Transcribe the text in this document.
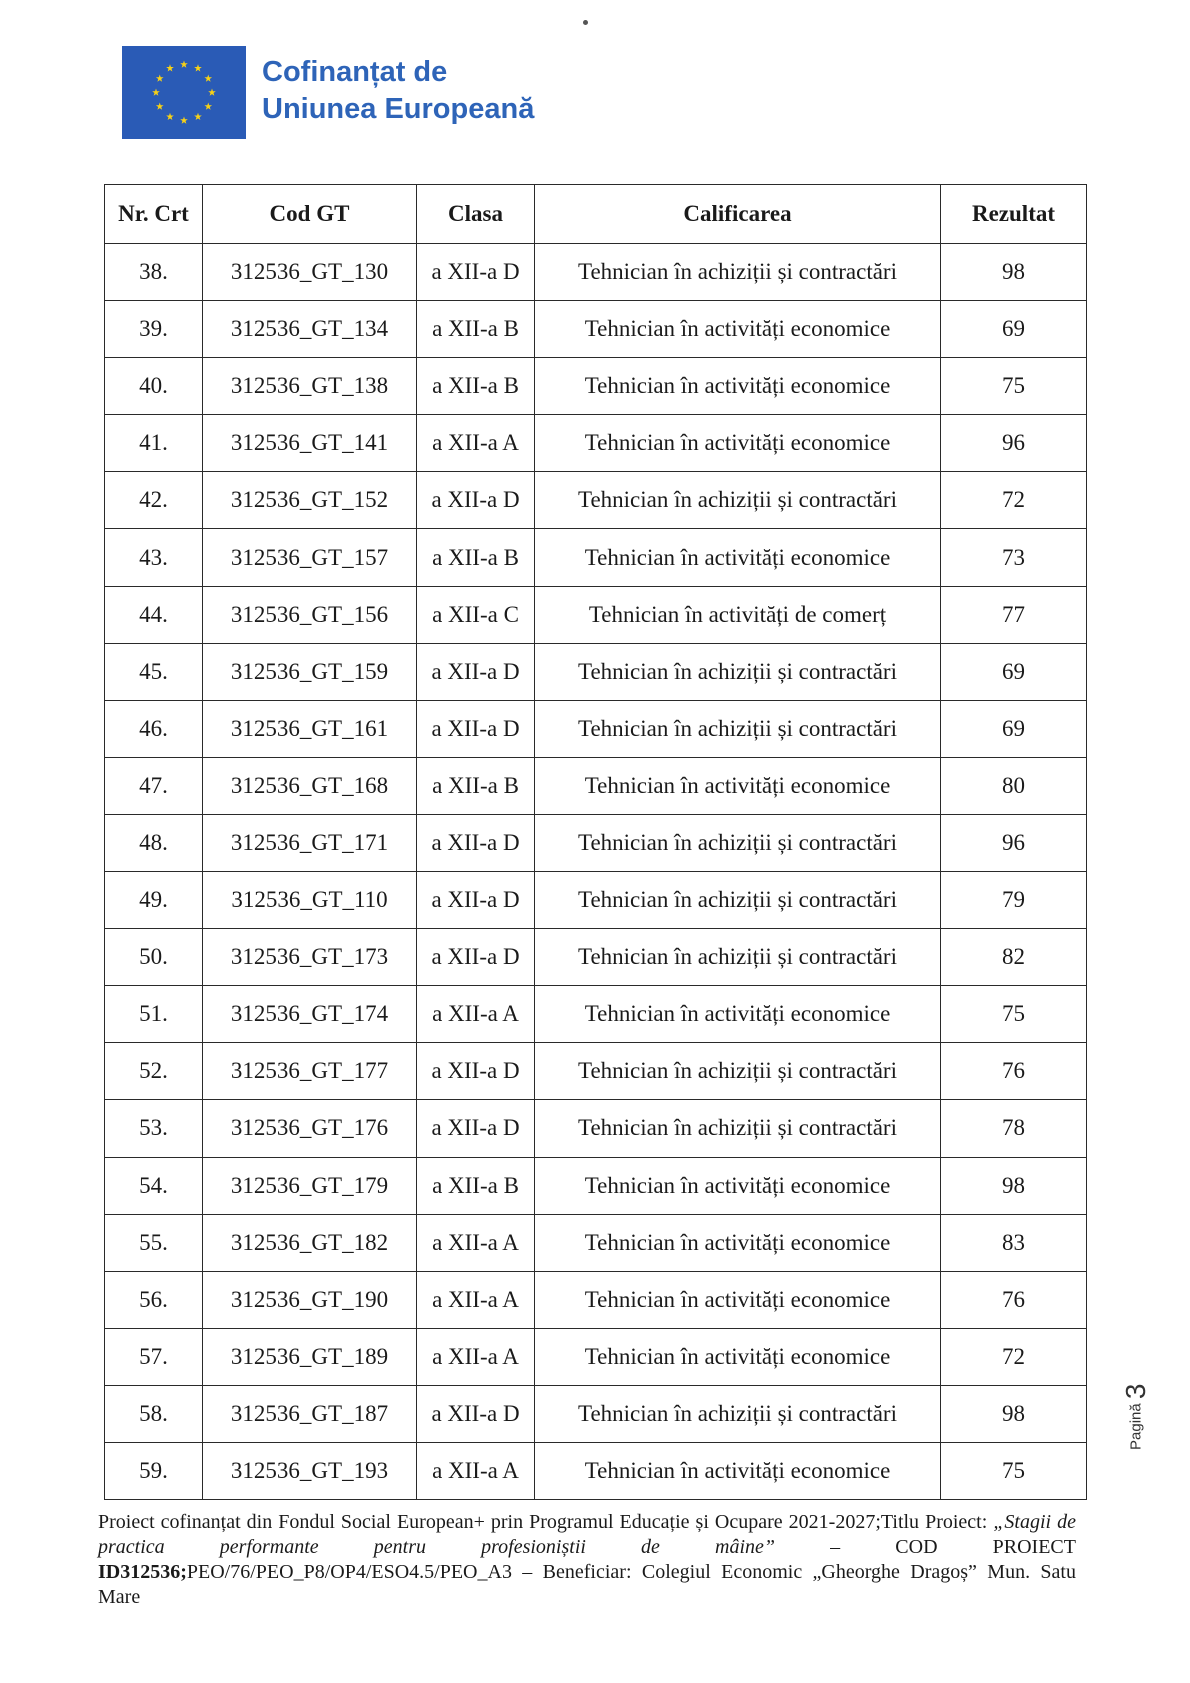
Cofinanțat de
Uniunea Europeană
Nr. Crt	Cod GT	Clasa	Calificarea	Rezultat
38.	312536_GT_130	a XII-a D	Tehnician în achiziții și contractări	98
39.	312536_GT_134	a XII-a B	Tehnician în activități economice	69
40.	312536_GT_138	a XII-a B	Tehnician în activități economice	75
41.	312536_GT_141	a XII-a A	Tehnician în activități economice	96
42.	312536_GT_152	a XII-a D	Tehnician în achiziții și contractări	72
43.	312536_GT_157	a XII-a B	Tehnician în activități economice	73
44.	312536_GT_156	a XII-a C	Tehnician în activități de comerț	77
45.	312536_GT_159	a XII-a D	Tehnician în achiziții și contractări	69
46.	312536_GT_161	a XII-a D	Tehnician în achiziții și contractări	69
47.	312536_GT_168	a XII-a B	Tehnician în activități economice	80
48.	312536_GT_171	a XII-a D	Tehnician în achiziții și contractări	96
49.	312536_GT_110	a XII-a D	Tehnician în achiziții și contractări	79
50.	312536_GT_173	a XII-a D	Tehnician în achiziții și contractări	82
51.	312536_GT_174	a XII-a A	Tehnician în activități economice	75
52.	312536_GT_177	a XII-a D	Tehnician în achiziții și contractări	76
53.	312536_GT_176	a XII-a D	Tehnician în achiziții și contractări	78
54.	312536_GT_179	a XII-a B	Tehnician în activități economice	98
55.	312536_GT_182	a XII-a A	Tehnician în activități economice	83
56.	312536_GT_190	a XII-a A	Tehnician în activități economice	76
57.	312536_GT_189	a XII-a A	Tehnician în activități economice	72
58.	312536_GT_187	a XII-a D	Tehnician în achiziții și contractări	98
59.	312536_GT_193	a XII-a A	Tehnician în activități economice	75
Proiect cofinanțat din Fondul Social European+ prin Programul Educație și Ocupare 2021-2027;Titlu Proiect: „Stagii de practica performante pentru profesioniștii de mâine” – COD PROIECT ID312536;PEO/76/PEO_P8/OP4/ESO4.5/PEO_A3 – Beneficiar: Colegiul Economic „Gheorghe Dragoș” Mun. Satu Mare
Pagină 3
